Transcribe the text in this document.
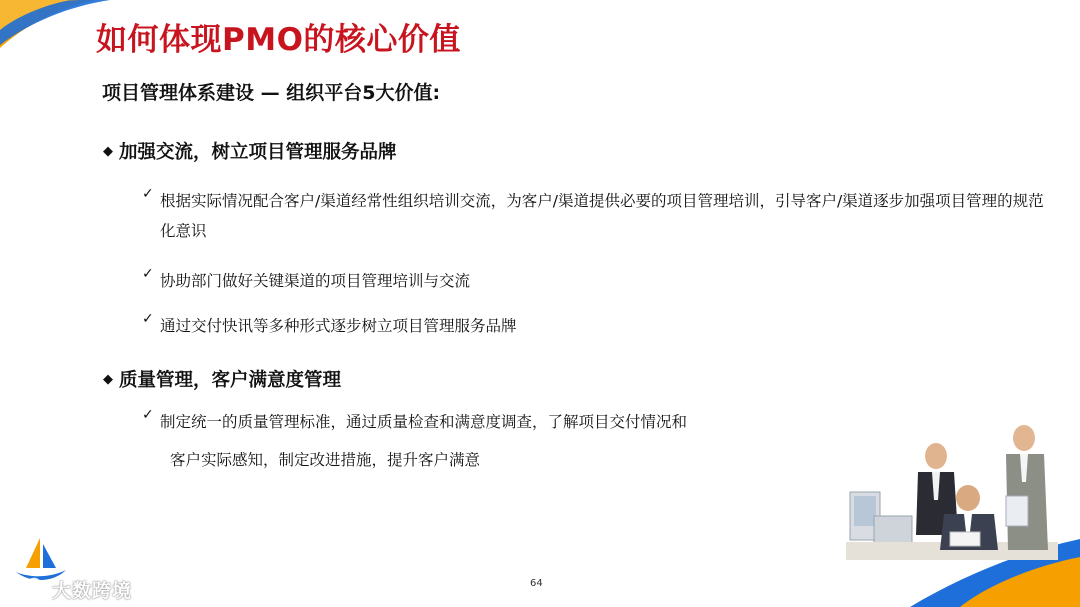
如何体现PMO的核心价值
项目管理体系建设 — 组织平台5大价值:
◆ 加强交流，树立项目管理服务品牌
✓ 根据实际情况配合客户/渠道经常性组织培训交流，为客户/渠道提供必要的项目管理培训，引导客户/渠道逐步加强项目管理的规范化意识
✓ 协助部门做好关键渠道的项目管理培训与交流
✓ 通过交付快讯等多种形式逐步树立项目管理服务品牌
◆ 质量管理，客户满意度管理
✓ 制定统一的质量管理标准，通过质量检查和满意度调查，了解项目交付情况和
客户实际感知，制定改进措施，提升客户满意
大数跨境	64
